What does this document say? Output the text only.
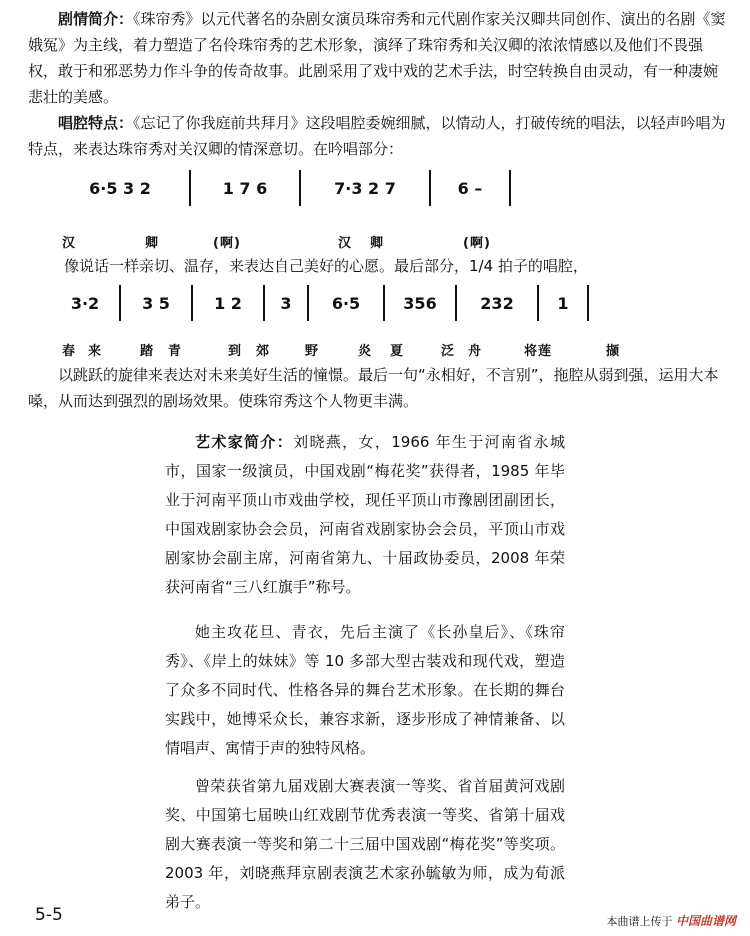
剧情简介：《珠帘秀》以元代著名的杂剧女演员珠帘秀和元代剧作家关汉卿共同创作、演出的名剧《窦娥冤》为主线，着力塑造了名伶珠帘秀的艺术形象，演绎了珠帘秀和关汉卿的浓浓情感以及他们不畏强权，敢于和邪恶势力作斗争的传奇故事。此剧采用了戏中戏的艺术手法，时空转换自由灵动，有一种凄婉悲壮的美感。
唱腔特点：《忘记了你我庭前共拜月》这段唱腔委婉细腻，以情动人，打破传统的唱法，以轻声吟唱为特点，来表达珠帘秀对关汉卿的情深意切。在吟唱部分：
6·5 3 2	1 7 6	7·3 2 7	6 –
汉	卿	(啊)	汉 卿	(啊)
像说话一样亲切、温存，来表达自己美好的心愿。最后部分，1/4 拍子的唱腔，
3·2	3 5	1 2	3	6·5	356	232	1
春 来	踏 青	到 郊	野	炎 夏	泛 舟	将莲	撷
以跳跃的旋律来表达对未来美好生活的憧憬。最后一句“永相好，不言别”，拖腔从弱到强，运用大本嗓，从而达到强烈的剧场效果。使珠帘秀这个人物更丰满。
艺术家简介：刘晓燕，女，1966 年生于河南省永城市，国家一级演员，中国戏剧“梅花奖”获得者，1985 年毕业于河南平顶山市戏曲学校，现任平顶山市豫剧团副团长，中国戏剧家协会会员，河南省戏剧家协会会员，平顶山市戏剧家协会副主席，河南省第九、十届政协委员，2008 年荣获河南省“三八红旗手”称号。
她主攻花旦、青衣，先后主演了《长孙皇后》、《珠帘秀》、《岸上的妹妹》等 10 多部大型古装戏和现代戏，塑造了众多不同时代、性格各异的舞台艺术形象。在长期的舞台实践中，她博采众长，兼容求新，逐步形成了神情兼备、以情唱声、寓情于声的独特风格。
曾荣获省第九届戏剧大赛表演一等奖、省首届黄河戏剧奖、中国第七届映山红戏剧节优秀表演一等奖、省第十届戏剧大赛表演一等奖和第二十三届中国戏剧“梅花奖”等奖项。2003 年，刘晓燕拜京剧表演艺术家孙毓敏为师，成为荀派弟子。
5-5	本曲谱上传于 中国曲谱网
